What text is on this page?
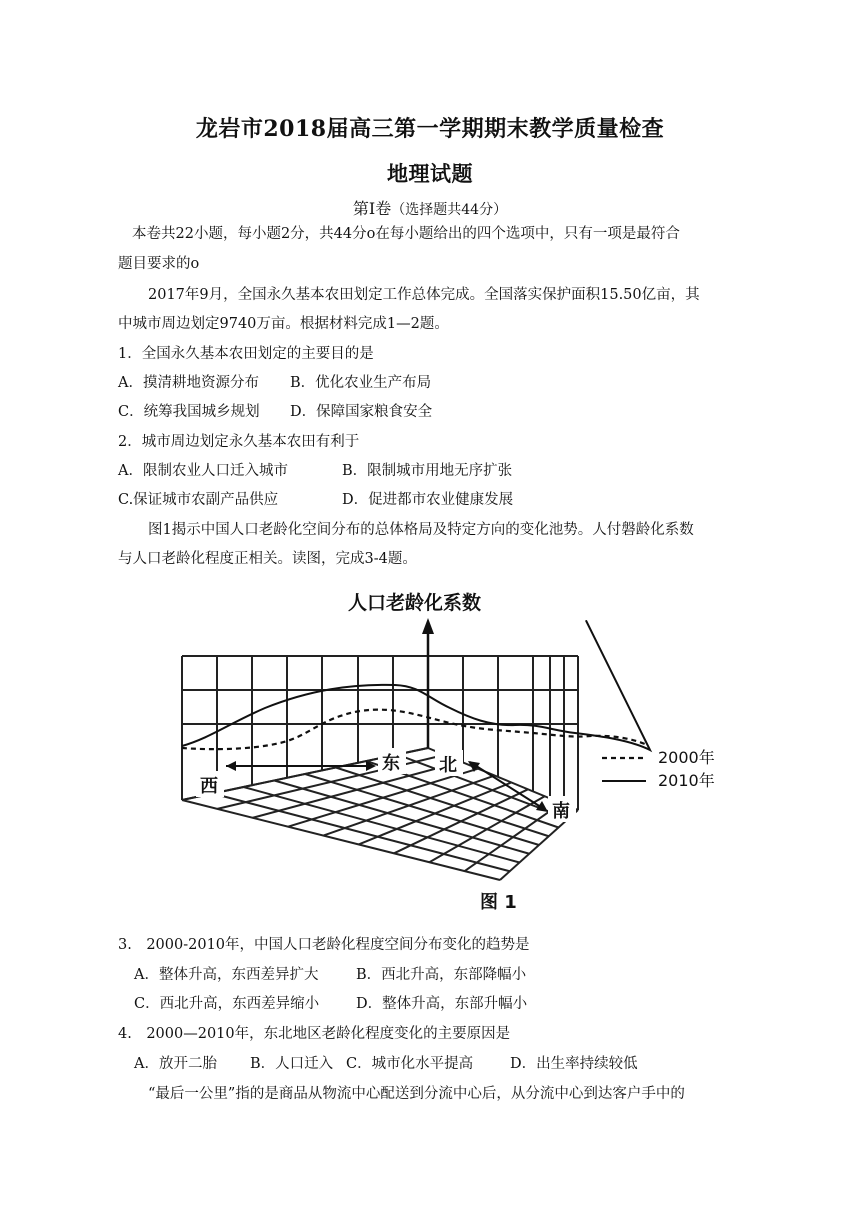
龙岩市2018届高三第一学期期末教学质量检查
地理试题
第Ⅰ卷（选择题共44分）
本卷共22小题，每小题2分，共44分o在每小题给出的四个选项中，只有一项是最符合
题目要求的o
2017年9月，全国永久基本农田划定工作总体完成。全国落实保护面积15.50亿亩，其
中城市周边划定9740万亩。根据材料完成1—2题。
1．全国永久基本农田划定的主要目的是
A．摸清耕地资源分布 B．优化农业生产布局
C．统筹我国城乡规划 D．保障国家粮食安全
2．城市周边划定永久基本农田有利于
A．限制农业人口迁入城市	B．限制城市用地无序扩张
C.保证城市农副产品供应	D．促进都市农业健康发展
图1揭示中国人口老龄化空间分布的总体格局及特定方向的变化池势。人付磐龄化系数
与人口老龄化程度正相关。读图，完成3-4题。
人口老龄化系数
西
东 北
南
2000年
2010年
图 1
3.　2000-2010年，中国人口老龄化程度空间分布变化的趋势是
A．整体升高，东西差异扩大	B．西北升高，东部降幅小
C．西北升高，东西差异缩小	D．整体升高，东部升幅小
4.　2000—2010年，东北地区老龄化程度变化的主要原因是
A．放开二胎 B．人口迁入 C．城市化水平提高	D．出生率持续较低
“最后一公里”指的是商品从物流中心配送到分流中心后，从分流中心到达客户手中的
